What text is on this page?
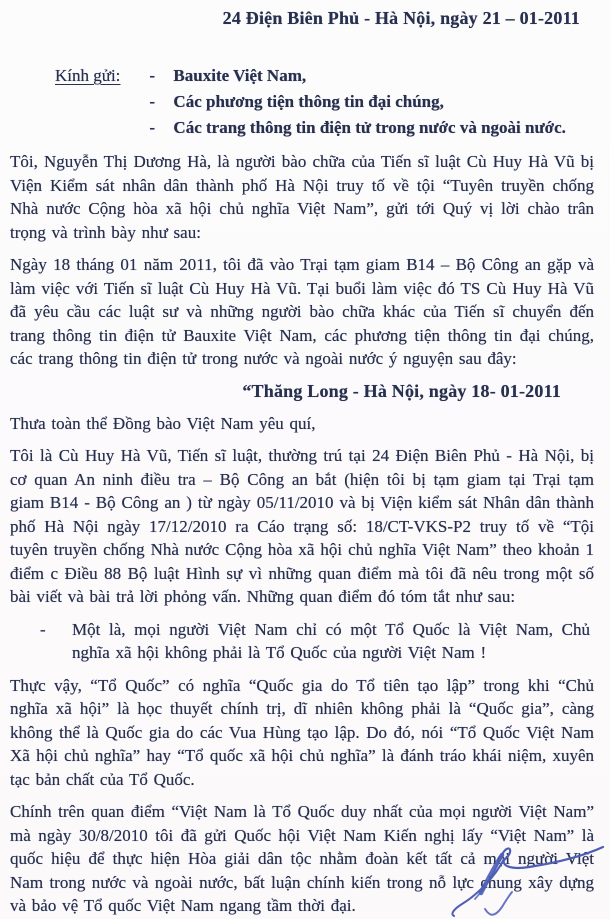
24 Điện Biên Phủ - Hà Nội, ngày 21 – 01-2011
Kính gửi: -	Bauxite Việt Nam,
-	Các phương tiện thông tin đại chúng,
-	Các trang thông tin điện tử trong nước và ngoài nước.

Tôi, Nguyễn Thị Dương Hà, là người bào chữa của Tiến sĩ luật Cù Huy Hà Vũ bị Viện Kiểm sát nhân dân thành phố Hà Nội truy tố về tội “Tuyên truyền chống Nhà nước Cộng hòa xã hội chủ nghĩa Việt Nam”, gửi tới Quý vị lời chào trân trọng và trình bày như sau:

Ngày 18 tháng 01 năm 2011, tôi đã vào Trại tạm giam B14 – Bộ Công an gặp và làm việc với Tiến sĩ luật Cù Huy Hà Vũ. Tại buổi làm việc đó TS Cù Huy Hà Vũ đã yêu cầu các luật sư và những người bào chữa khác của Tiến sĩ chuyển đến trang thông tin điện tử Bauxite Việt Nam, các phương tiện thông tin đại chúng, các trang thông tin điện tử trong nước và ngoài nước ý nguyện sau đây:

“Thăng Long - Hà Nội, ngày 18- 01-2011

Thưa toàn thể Đồng bào Việt Nam yêu quí,

Tôi là Cù Huy Hà Vũ, Tiến sĩ luật, thường trú tại 24 Điện Biên Phủ - Hà Nội, bị cơ quan An ninh điều tra – Bộ Công an bắt (hiện tôi bị tạm giam tại Trại tạm giam B14 - Bộ Công an ) từ ngày 05/11/2010 và bị Viện kiểm sát Nhân dân thành phố Hà Nội ngày 17/12/2010 ra Cáo trạng số: 18/CT-VKS-P2 truy tố về “Tội tuyên truyền chống Nhà nước Cộng hòa xã hội chủ nghĩa Việt Nam” theo khoản 1 điểm c Điều 88 Bộ luật Hình sự vì những quan điểm mà tôi đã nêu trong một số bài viết và bài trả lời phỏng vấn. Những quan điểm đó tóm tắt như sau:

-	Một là, mọi người Việt Nam chỉ có một Tổ Quốc là Việt Nam, Chủ nghĩa xã hội không phải là Tổ Quốc của người Việt Nam !

Thực vậy, “Tổ Quốc” có nghĩa “Quốc gia do Tổ tiên tạo lập” trong khi “Chủ nghĩa xã hội” là học thuyết chính trị, dĩ nhiên không phải là “Quốc gia”, càng không thể là Quốc gia do các Vua Hùng tạo lập. Do đó, nói “Tổ Quốc Việt Nam Xã hội chủ nghĩa” hay “Tổ quốc xã hội chủ nghĩa” là đánh tráo khái niệm, xuyên tạc bản chất của Tổ Quốc.

Chính trên quan điểm “Việt Nam là Tổ Quốc duy nhất của mọi người Việt Nam” mà ngày 30/8/2010 tôi đã gửi Quốc hội Việt Nam Kiến nghị lấy “Việt Nam” là quốc hiệu để thực hiện Hòa giải dân tộc nhằm đoàn kết tất cả mọi người Việt Nam trong nước và ngoài nước, bất luận chính kiến trong nỗ lực chung xây dựng và bảo vệ Tổ quốc Việt Nam ngang tầm thời đại.
